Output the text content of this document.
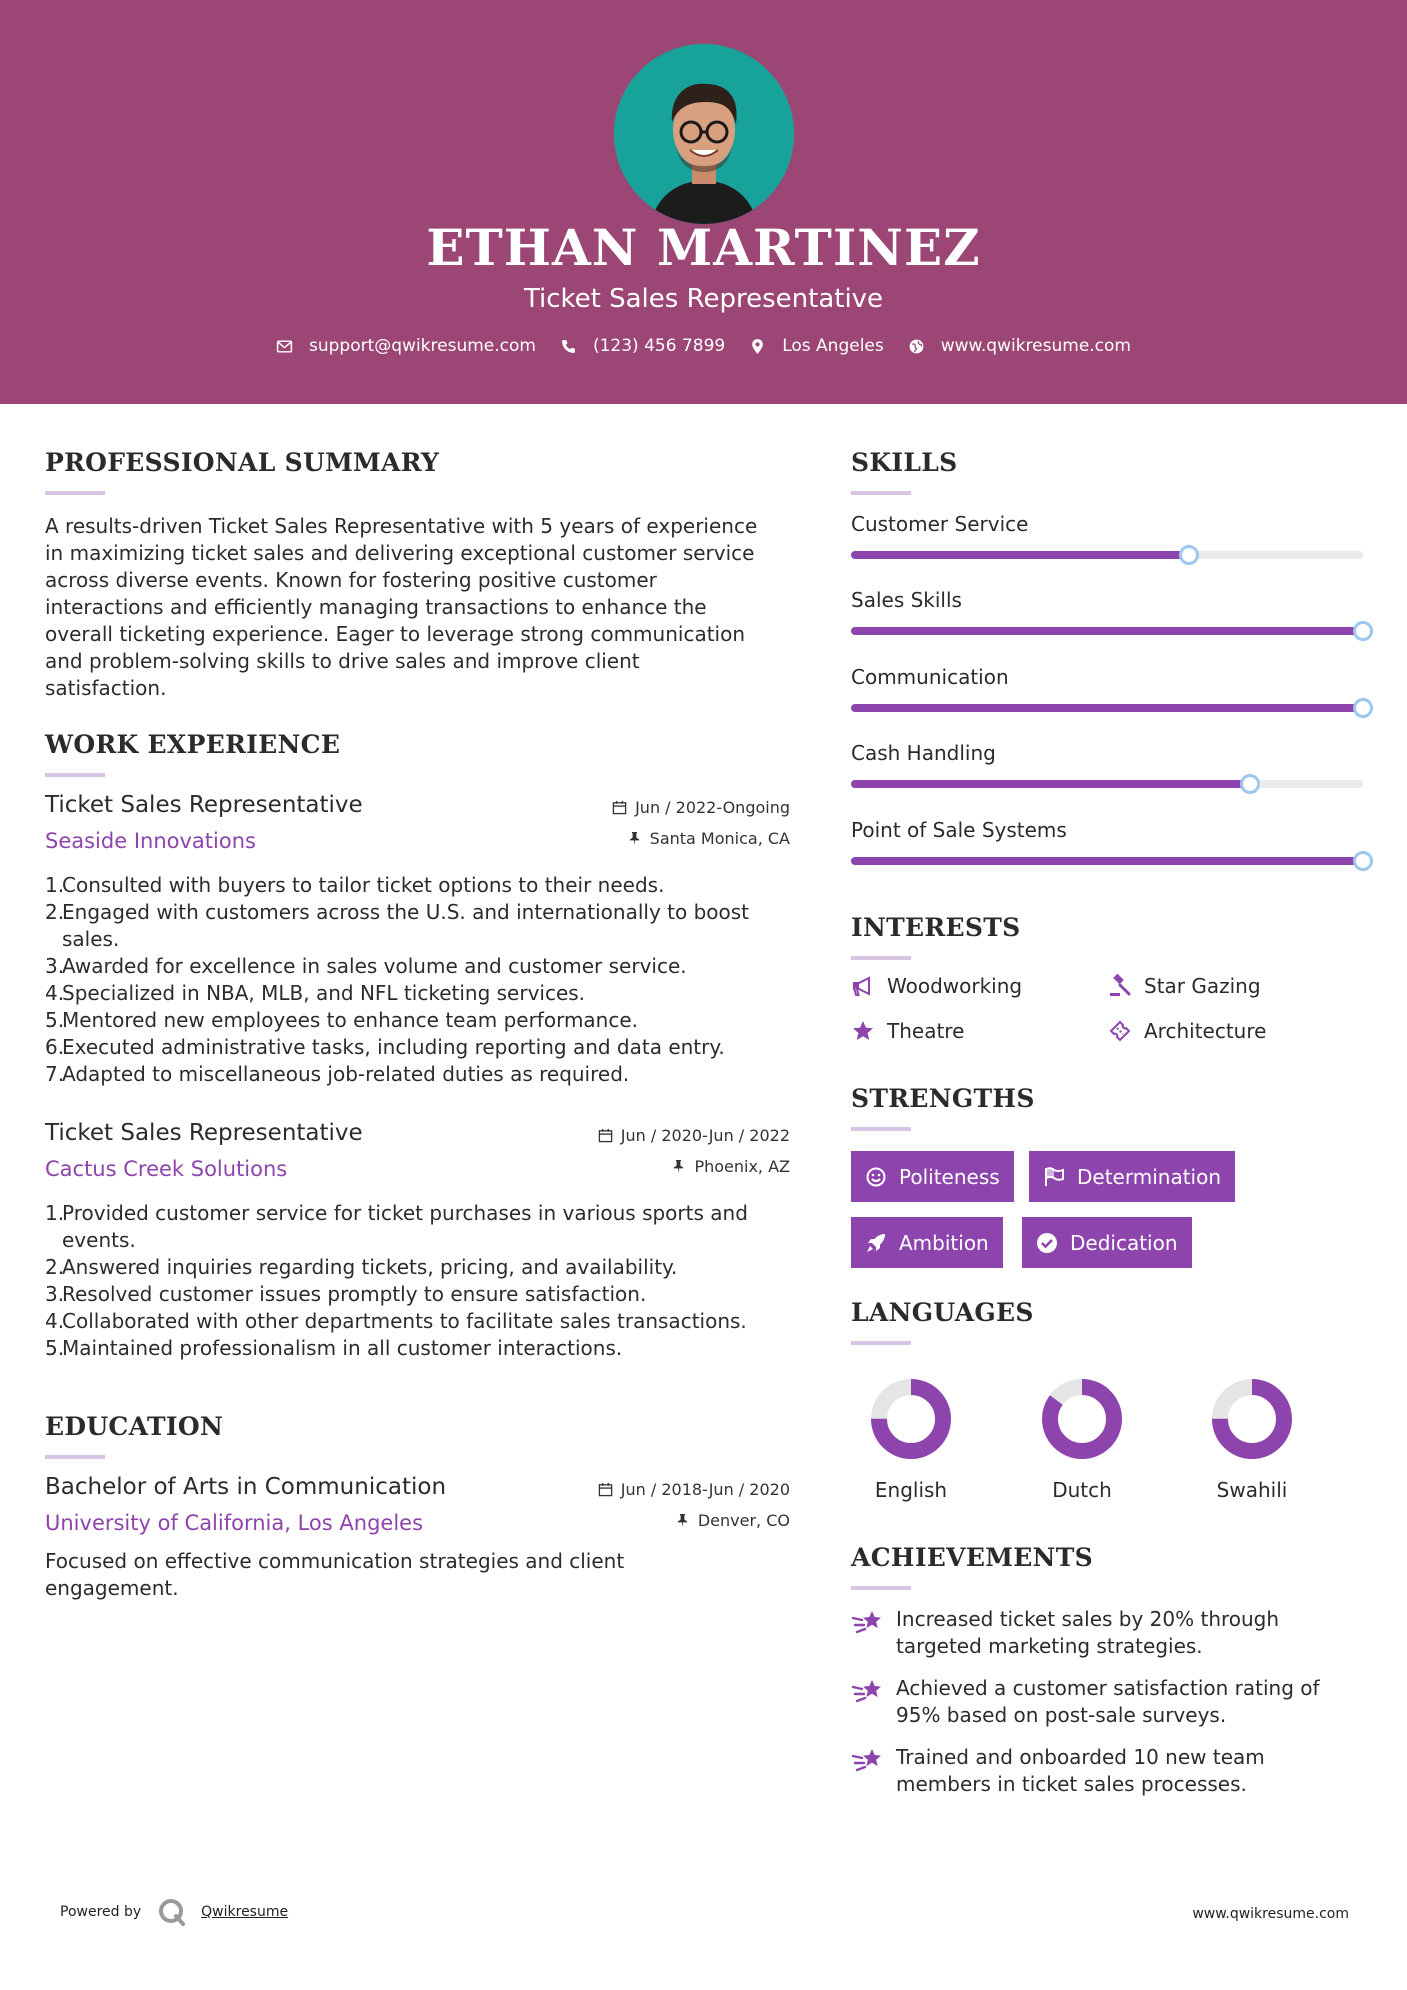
ETHAN MARTINEZ
Ticket Sales Representative
support@qwikresume.com	(123) 456 7899	Los Angeles	www.qwikresume.com
PROFESSIONAL SUMMARY
A results-driven Ticket Sales Representative with 5 years of experience
in maximizing ticket sales and delivering exceptional customer service
across diverse events. Known for fostering positive customer
interactions and efficiently managing transactions to enhance the
overall ticketing experience. Eager to leverage strong communication
and problem-solving skills to drive sales and improve client
satisfaction.
WORK EXPERIENCE
Ticket Sales Representative	Jun / 2022-Ongoing
Seaside Innovations	Santa Monica, CA
1.Consulted with buyers to tailor ticket options to their needs.
2.Engaged with customers across the U.S. and internationally to boost sales.
3.Awarded for excellence in sales volume and customer service.
4.Specialized in NBA, MLB, and NFL ticketing services.
5.Mentored new employees to enhance team performance.
6.Executed administrative tasks, including reporting and data entry.
7.Adapted to miscellaneous job-related duties as required.
Ticket Sales Representative	Jun / 2020-Jun / 2022
Cactus Creek Solutions	Phoenix, AZ
1.Provided customer service for ticket purchases in various sports and events.
2.Answered inquiries regarding tickets, pricing, and availability.
3.Resolved customer issues promptly to ensure satisfaction.
4.Collaborated with other departments to facilitate sales transactions.
5.Maintained professionalism in all customer interactions.
EDUCATION
Bachelor of Arts in Communication	Jun / 2018-Jun / 2020
University of California, Los Angeles	Denver, CO
Focused on effective communication strategies and client
engagement.
SKILLS
Customer Service
Sales Skills
Communication
Cash Handling
Point of Sale Systems
INTERESTS
Woodworking	Star Gazing
Theatre	Architecture
STRENGTHS
Politeness	Determination
Ambition	Dedication
LANGUAGES
English	Dutch	Swahili
ACHIEVEMENTS
Increased ticket sales by 20% through
targeted marketing strategies.
Achieved a customer satisfaction rating of
95% based on post-sale surveys.
Trained and onboarded 10 new team
members in ticket sales processes.
Powered by	Qwikresume	www.qwikresume.com
